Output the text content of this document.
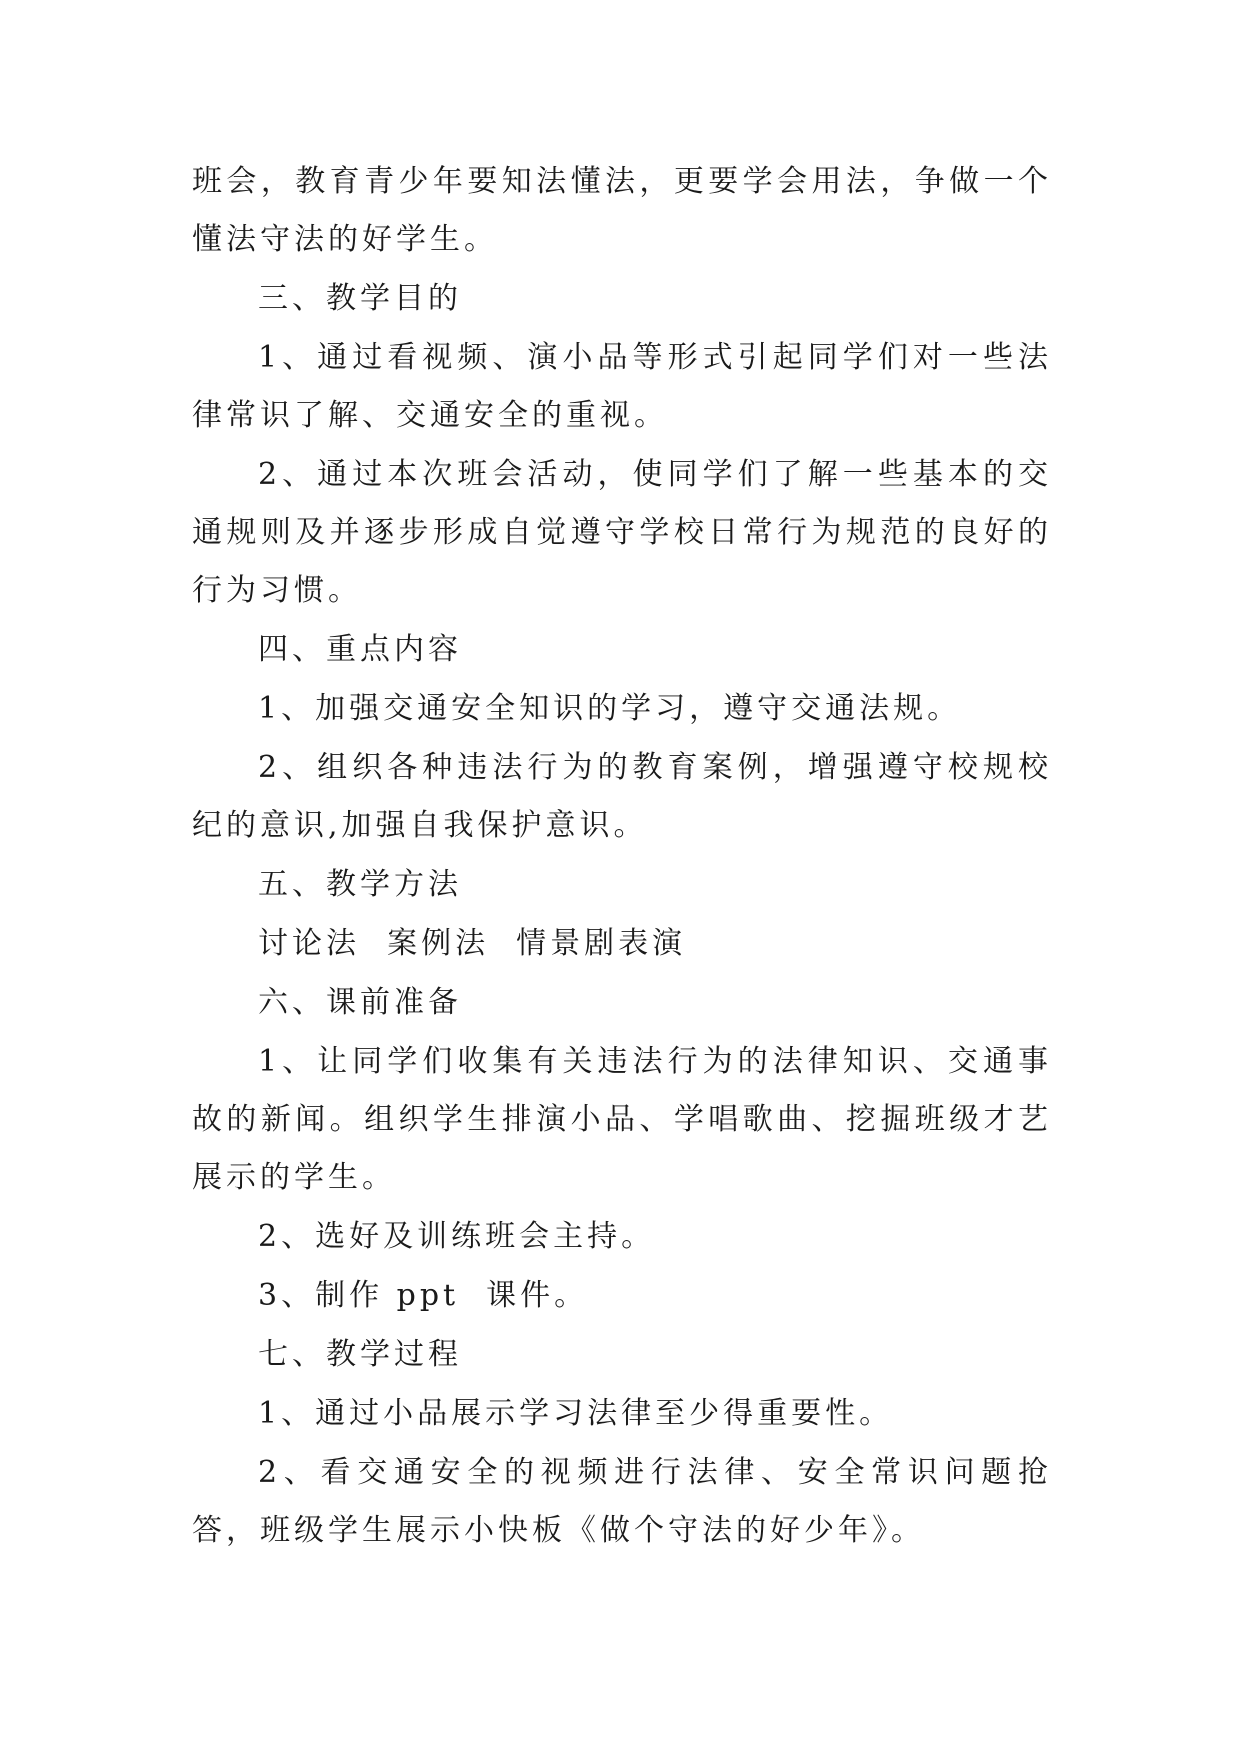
班会，教育青少年要知法懂法，更要学会用法，争做一个懂法守法的好学生。

三、教学目的

1、通过看视频、演小品等形式引起同学们对一些法律常识了解、交通安全的重视。

2、通过本次班会活动，使同学们了解一些基本的交通规则及并逐步形成自觉遵守学校日常行为规范的良好的行为习惯。

四、重点内容

1、加强交通安全知识的学习，遵守交通法规。

2、组织各种违法行为的教育案例，增强遵守校规校纪的意识,加强自我保护意识。

五、教学方法

讨论法  案例法  情景剧表演

六、课前准备

1、让同学们收集有关违法行为的法律知识、交通事故的新闻。组织学生排演小品、学唱歌曲、挖掘班级才艺展示的学生。

2、选好及训练班会主持。

3、制作 ppt  课件。

七、教学过程

1、通过小品展示学习法律至少得重要性。

2、看交通安全的视频进行法律、安全常识问题抢答，班级学生展示小快板《做个守法的好少年》。
